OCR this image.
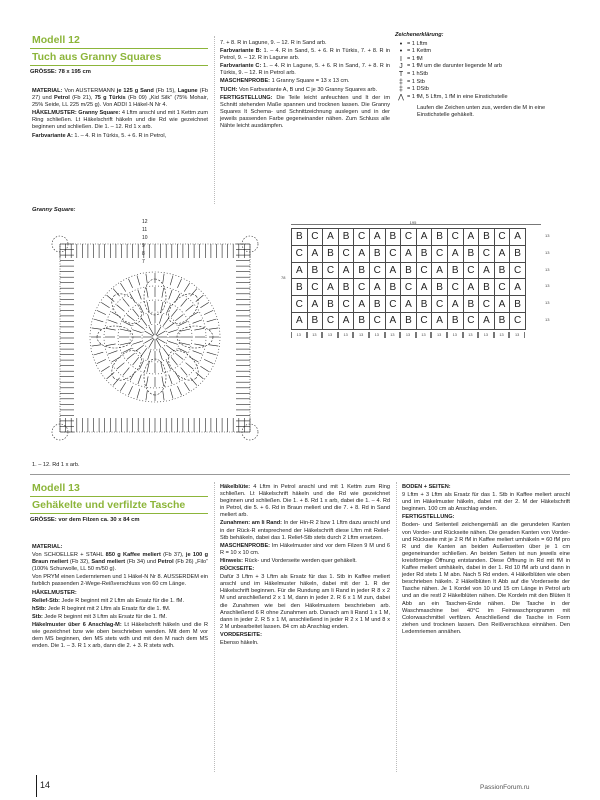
Modell 12
Tuch aus Granny Squares
GRÖSSE: 78 x 195 cm

MATERIAL: Von AUSTERMANN je 125 g Sand (Fb 15), Lagune (Fb 27) und Petrol (Fb 21), 75 g Türkis (Fb 09) „Kid Silk“ (75% Mohair, 25% Seide, LL 225 m/25 g). Von ADDI 1 Häkel-N Nr 4.

HÄKELMUSTER: Granny Square: 4 Lftm anschl und mit 1 Kettm zum Ring schließen. Lt Häkelschrift häkeln und die Rd wie gezeichnet beginnen und schließen. Die 1. – 12. Rd 1 x arb.

Farbvariante A: 1. – 4. R in Türkis, 5. + 6. R in Petrol,

7. + 8. R in Lagune, 9. – 12. R in Sand arb.

Farbvariante B: 1. – 4. R in Sand, 5. + 6. R in Türkis, 7. + 8. R in Petrol, 9. – 12. R in Lagune arb.

Farbvariante C: 1. – 4. R in Lagune, 5. + 6. R in Sand, 7. + 8. R in Türkis, 9. – 12. R in Petrol arb.

MASCHENPROBE: 1 Granny Square = 13 x 13 cm.

TUCH: Von Farbvariante A, B und C je 30 Granny Squares arb.

FERTIGSTELLUNG: Die Teile leicht anfeuchten und lt der im Schnitt stehenden Maße spannen und trocknen lassen. Die Granny Squares lt Schema- und Schnittzeichnung auslegen und in der jeweils passenden Farbe gegeneinander nähen. Zum Schluss alle Nähte leicht ausdämpfen.

Zeichenerklärung:
• = 1 Lftm
• = 1 Kettm
I = 1 fM
J = 1 fM um die darunter liegende M arb
T = 1 hStb
‡ = 1 Stb
‡ = 1 DStb
⋀ = 1 fM, 5 Lftm, 1 fM in eine Einstichstelle
Laufen die Zeichen unten zus, werden die M in eine Einstichstelle gehäkelt.
Granny Square:
12
11
10
9
8
7
1. – 12. Rd 1 x arb.
195
78
B	C	A	B	C	A	B	C	A	B	C	A	B	C	A
C	A	B	C	A	B	C	A	B	C	A	B	C	A	B
A	B	C	A	B	C	A	B	C	A	B	C	A	B	C
B	C	A	B	C	A	B	C	A	B	C	A	B	C	A
C	A	B	C	A	B	C	A	B	C	A	B	C	A	B
A	B	C	A	B	C	A	B	C	A	B	C	A	B	C
13
13
13
13
13
13
13	13	13	13	13	13	13	13	13	13	13	13	13	13	13
Modell 13
Gehäkelte und verfilzte Tasche
GRÖSSE: vor dem Filzen ca. 30 x 84 cm

MATERIAL:

Von SCHOELLER + STAHL 850 g Kaffee meliert (Fb 37), je 100 g Braun meliert (Fb 32), Sand meliert (Fb 34) und Petrol (Fb 26) „Filo“ (100% Schurwolle, LL 50 m/50 g).

Von PRYM einen Ledernriemen und 1 Häkel-N Nr 8. AUSSERDEM ein farblich passenden 2-Wege-Reißverschluss von 60 cm Länge.

HÄKELMUSTER:

Relief-Stb: Jede R beginnt mit 2 Lftm als Ersatz für die 1. fM.

hStb: Jede R beginnt mit 2 Lftm als Ersatz für die 1. fM.

Stb: Jede R beginnt mit 3 Lftm als Ersatz für die 1. fM.

Häkelmuster über 6 Anschlag-M: Lt Häkelschrift häkeln und die R wie gezeichnet bzw wie oben beschrieben wenden. Mit dem M vor dem MS beginnen, den MS stets wdh und mit den M nach dem MS enden. Die 1. – 3. R 1 x arb, dann die 2. + 3. R stets wdh.

Häkelblüte: 4 Lftm in Petrol anschl und mit 1 Kettm zum Ring schließen. Lt Häkelschrift häkeln und die Rd wie gezeichnet beginnen und schließen. Die 1. + 8. Rd 1 x arb, dabei die 1. – 4. Rd in Petrol, die 5. + 6. Rd in Braun meliert und die 7. + 8. Rd in Sand meliert arb.

Zunahmen: am li Rand: In der Hin-R 2 bzw 1 Lftm dazu anschl und in der Rück-R entsprechend der Häkelschrift diese Lftm mit Relief-Stb behäkeln, dabei das 1. Relief-Stb stets durch 2 Lftm ersetzen.

MASCHENPROBE: Im Häkelmuster sind vor dem Filzen 9 M und 6 R = 10 x 10 cm.

Hinweis: Rück- und Vorderseite werden quer gehäkelt.

RÜCKSEITE:

Dafür 3 Lftm + 3 Lftm als Ersatz für das 1. Stb in Kaffee meliert anschl und im Häkelmuster häkeln, dabei mit der 1. R der Häkelschrift beginnen. Für die Rundung am li Rand in jeder R 8 x 2 M und anschließend 2 x 1 M, dann in jeder 2. R 6 x 1 M zun, dabei die Zunahmen wie bei den Häkelmustern beschrieben arb. Anschließend 6 R ohne Zunahmen arb. Danach am li Rand 1 x 1 M, dann in jeder 2. R 5 x 1 M, anschließend in jeder R 2 x 1 M und 8 x 2 M unbearbeitet lassen. 84 cm ab Anschlag enden.

VORDERSEITE:

Ebenso häkeln.

BODEN + SEITEN:

9 Lftm + 3 Lftm als Ersatz für das 1. Stb in Kaffee meliert anschl und im Häkelmuster häkeln, dabei mit der 2. M der Häkelschrift beginnen. 100 cm ab Anschlag enden.

FERTIGSTELLUNG:

Boden- und Seitenteil zeichengemäß an die gerundeten Kanten von Vorder- und Rückseite nähen. Die geraden Kanten von Vorder- und Rückseite mit je 2 R fM in Kaffee meliert umhäkeln = 60 fM pro R und die Kanten an beiden Außenseiten über je 1 cm gegeneinander schließen. An beiden Seiten ist nun jeweils eine kreisförmige Öffnung entstanden. Diese Öffnung in Rd mit fM in Kaffee meliert umhäkeln, dabei in der 1. Rd 10 fM arb und dann in jeder Rd stets 1 M abn. Nach 5 Rd enden. 4 Häkelblüten wie oben beschrieben häkeln. 2 Häkelblüten lt Abb auf die Vorderseite der Tasche nähen. Je 1 Kordel von 10 und 15 cm Länge in Petrol arb und an die restl 2 Häkelblüten nähen. Die Kordeln mit den Blüten lt Abb an ein Taschen-Ende nähen. Die Tasche in der Waschmaschine bei 40°C im Feinwaschprogramm mit Colorwaschmittel verfilzen. Anschließend die Tasche in Form ziehen und trocknen lassen. Den Reißverschluss einnähen. Den Ledernriemen annähen.

14	PassionForum.ru
